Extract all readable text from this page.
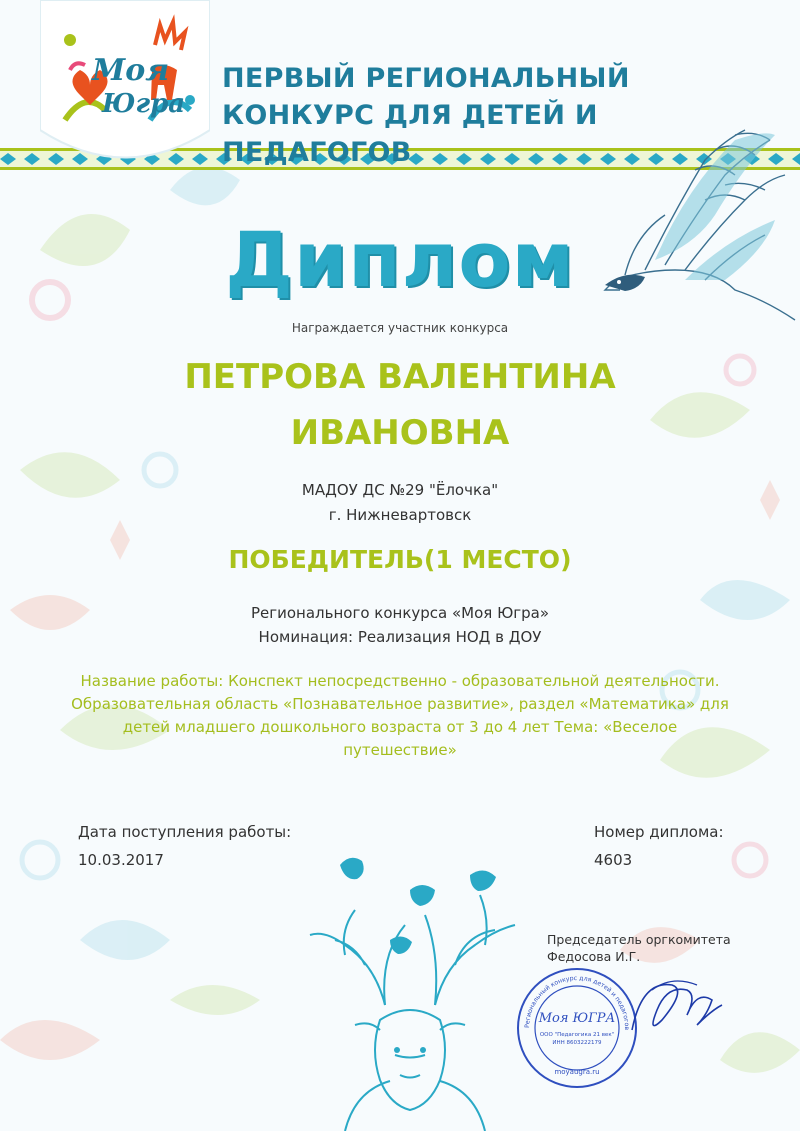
Моя
Югра
ПЕРВЫЙ РЕГИОНАЛЬНЫЙ
КОНКУРС ДЛЯ ДЕТЕЙ И ПЕДАГОГОВ
Диплом
Награждается участник конкурса
ПЕТРОВА ВАЛЕНТИНА
ИВАНОВНА
МАДОУ ДС №29 "Ёлочка"
г. Нижневартовск
ПОБЕДИТЕЛЬ(1 МЕСТО)
Регионального конкурса «Моя Югра»
Номинация: Реализация НОД в ДОУ
Название работы: Конспект непосредственно - образовательной деятельности. Образовательная область «Познавательное развитие», раздел «Математика» для детей младшего дошкольного возраста от 3 до 4 лет Тема: «Веселое путешествие»
Дата поступления работы:
10.03.2017
Номер диплома:
4603
Председатель оргкомитета
Федосова И.Г.
Региональный конкурс для детей и педагогов
Моя ЮГРА
ООО "Педагогика 21 век"
ИНН 8603222179
moyaugra.ru
